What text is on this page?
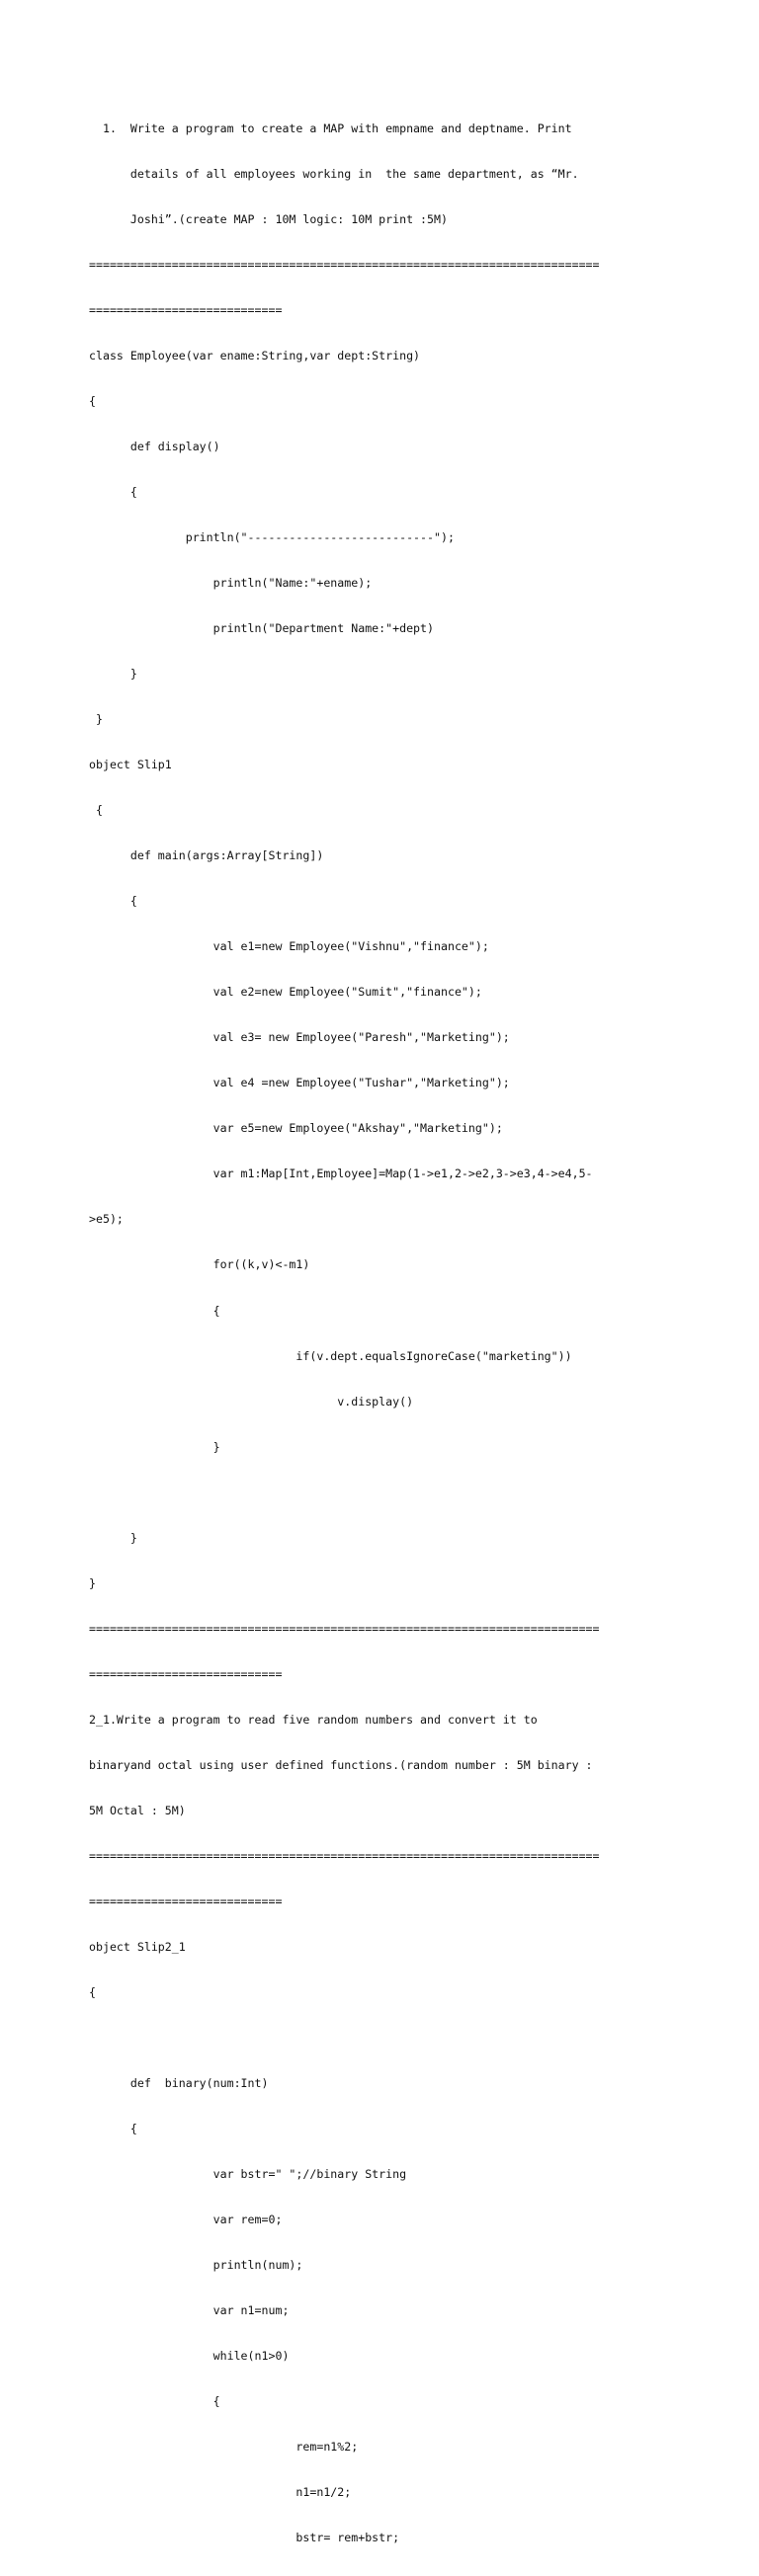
1.  Write a program to create a MAP with empname and deptname. Print

details of all employees working in  the same department, as “Mr.

Joshi”.(create MAP : 10M logic: 10M print :5M)

==========================================================================

============================

class Employee(var ename:String,var dept:String)

{

def display()

{

println("---------------------------");

println("Name:"+ename);

println("Department Name:"+dept)

}

}

object Slip1

{

def main(args:Array[String])

{

val e1=new Employee("Vishnu","finance");

val e2=new Employee("Sumit","finance");

val e3= new Employee("Paresh","Marketing");

val e4 =new Employee("Tushar","Marketing");

var e5=new Employee("Akshay","Marketing");

var m1:Map[Int,Employee]=Map(1->e1,2->e2,3->e3,4->e4,5-

>e5);

for((k,v)<-m1)

{

if(v.dept.equalsIgnoreCase("marketing"))

v.display()

}

}

}

==========================================================================

============================

2_1.Write a program to read five random numbers and convert it to

binaryand octal using user defined functions.(random number : 5M binary :

5M Octal : 5M)

==========================================================================

============================

object Slip2_1

{

def  binary(num:Int)

{

var bstr=" ";//binary String

var rem=0;

println(num);

var n1=num;

while(n1>0)

{

rem=n1%2;

n1=n1/2;

bstr= rem+bstr;
